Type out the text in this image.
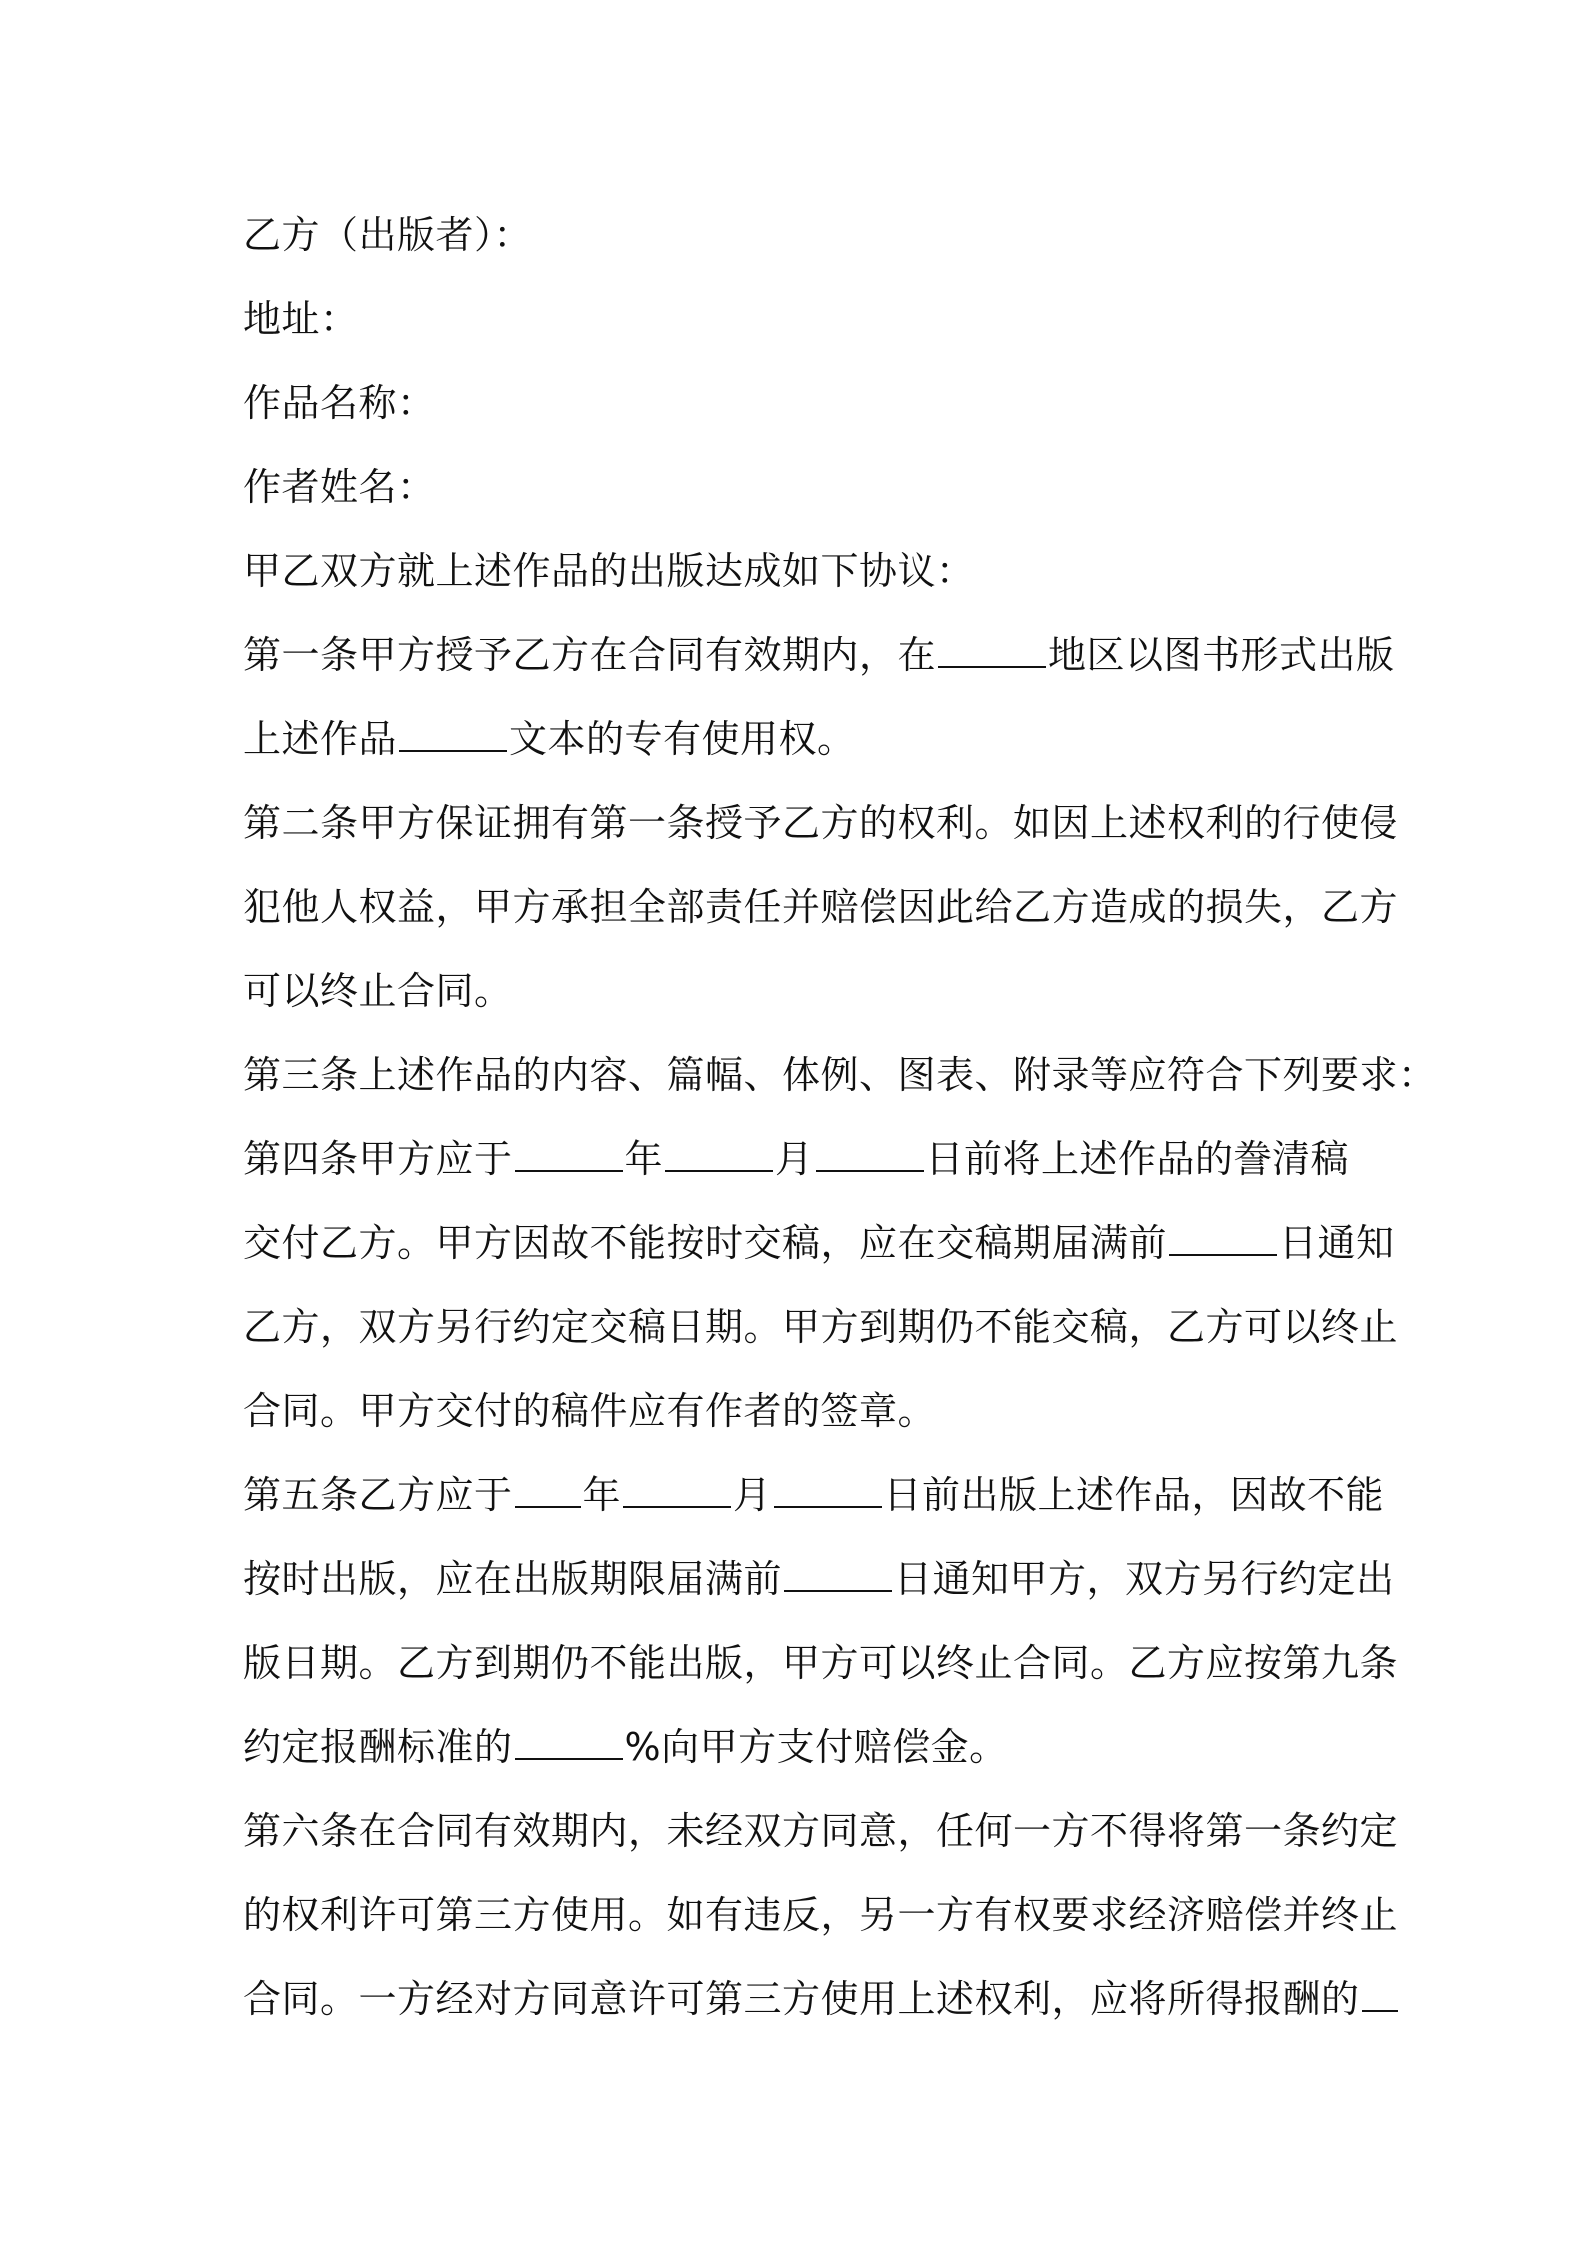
乙方（出版者）：
地址：
作品名称：
作者姓名：
甲乙双方就上述作品的出版达成如下协议：
第一条甲方授予乙方在合同有效期内，在	地区以图书形式出版
上述作品	文本的专有使用权。
第二条甲方保证拥有第一条授予乙方的权利。如因上述权利的行使侵
犯他人权益，甲方承担全部责任并赔偿因此给乙方造成的损失，乙方
可以终止合同。
第三条上述作品的内容、篇幅、体例、图表、附录等应符合下列要求：
第四条甲方应于	年	月	日前将上述作品的誊清稿
交付乙方。甲方因故不能按时交稿，应在交稿期届满前	日通知
乙方，双方另行约定交稿日期。甲方到期仍不能交稿，乙方可以终止
合同。甲方交付的稿件应有作者的签章。
第五条乙方应于 年	月	日前出版上述作品，因故不能
按时出版，应在出版期限届满前	日通知甲方，双方另行约定出
版日期。乙方到期仍不能出版，甲方可以终止合同。乙方应按第九条
约定报酬标准的	%向甲方支付赔偿金。
第六条在合同有效期内，未经双方同意，任何一方不得将第一条约定
的权利许可第三方使用。如有违反，另一方有权要求经济赔偿并终止
合同。一方经对方同意许可第三方使用上述权利，应将所得报酬的
